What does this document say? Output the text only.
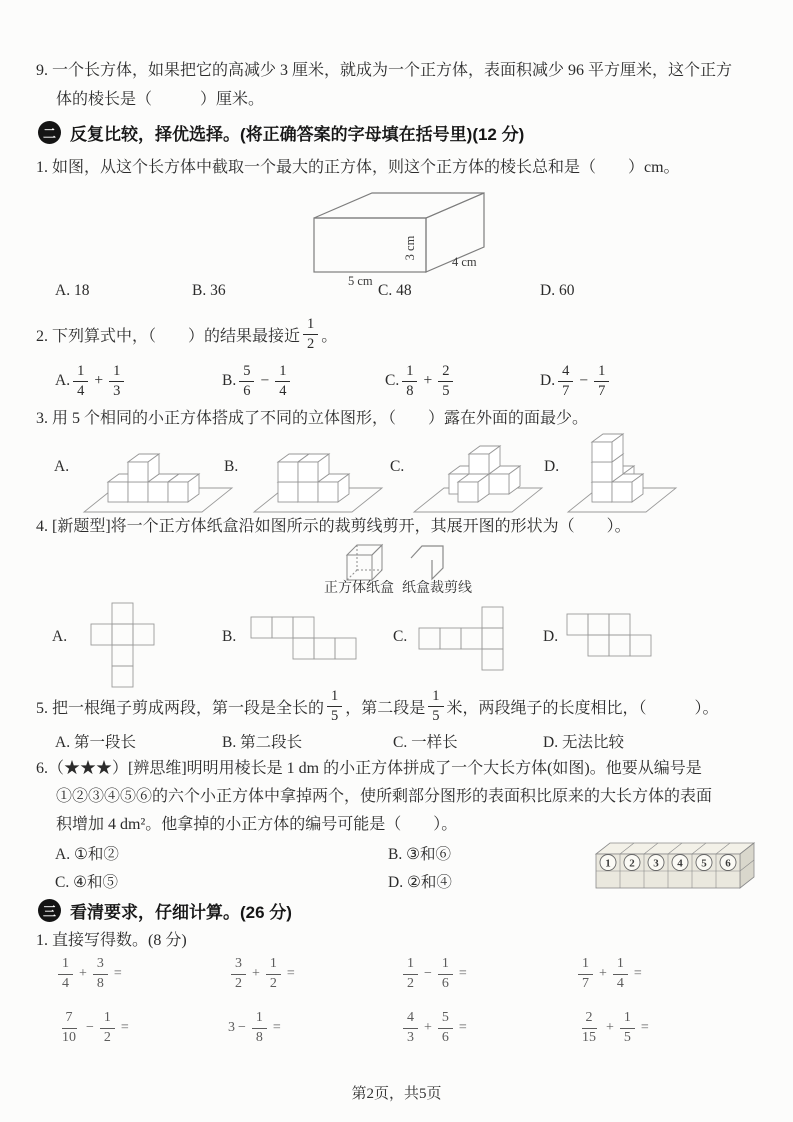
9. 一个长方体，如果把它的高减少 3 厘米，就成为一个正方体，表面积减少 96 平方厘米，这个正方
体的棱长是（　　　）厘米。
二 反复比较，择优选择。(将正确答案的字母填在括号里)(12 分)
1. 如图，从这个长方体中截取一个最大的正方体，则这个正方体的棱长总和是（　　）cm。
3 cm
4 cm
5 cm
A. 18	B. 36	C. 48	D. 60
2. 下列算式中，（　　）的结果最接近 $\frac{1}{2}$ 。
A. $\frac{1}{4} + \frac{1}{3}$	B. $\frac{5}{6} - \frac{1}{4}$	C. $\frac{1}{8} + \frac{2}{5}$	D. $\frac{4}{7} - \frac{1}{7}$
3. 用 5 个相同的小正方体搭成了不同的立体图形，（　　）露在外面的面最少。
A.	B.	C.	D.
4. [新题型]将一个正方体纸盒沿如图所示的裁剪线剪开，其展开图的形状为（　　）。
正方体纸盒 纸盒裁剪线
A.	B.	C.	D.
5. 把一根绳子剪成两段，第一段是全长的 $\frac{1}{5}$ ，第二段是 $\frac{1}{5}$ 米，两段绳子的长度相比，（　　　）。
A. 第一段长	B. 第二段长	C. 一样长	D. 无法比较
6.（★★★）[辨思维]明明用棱长是 1 dm 的小正方体拼成了一个大长方体(如图)。他要从编号是
①②③④⑤⑥的六个小正方体中拿掉两个，使所剩部分图形的表面积比原来的大长方体的表面
积增加 4 dm²。他拿掉的小正方体的编号可能是（　　）。
A. ①和②	B. ③和⑥
C. ④和⑤	D. ②和④
1 2 3 4 5 6
三 看清要求，仔细计算。(26 分)
1. 直接写得数。(8 分)
$\frac{1}{4} + \frac{3}{8}$ =	$\frac{3}{2} + \frac{1}{2}$ =	$\frac{1}{2} - \frac{1}{6}$ =	$\frac{1}{7} + \frac{1}{4}$ =
$\frac{7}{10} - \frac{1}{2}$ =	$3 - \frac{1}{8}$ =	$\frac{4}{3} + \frac{5}{6}$ =	$\frac{2}{15} + \frac{1}{5}$ =
第2页，共5页
